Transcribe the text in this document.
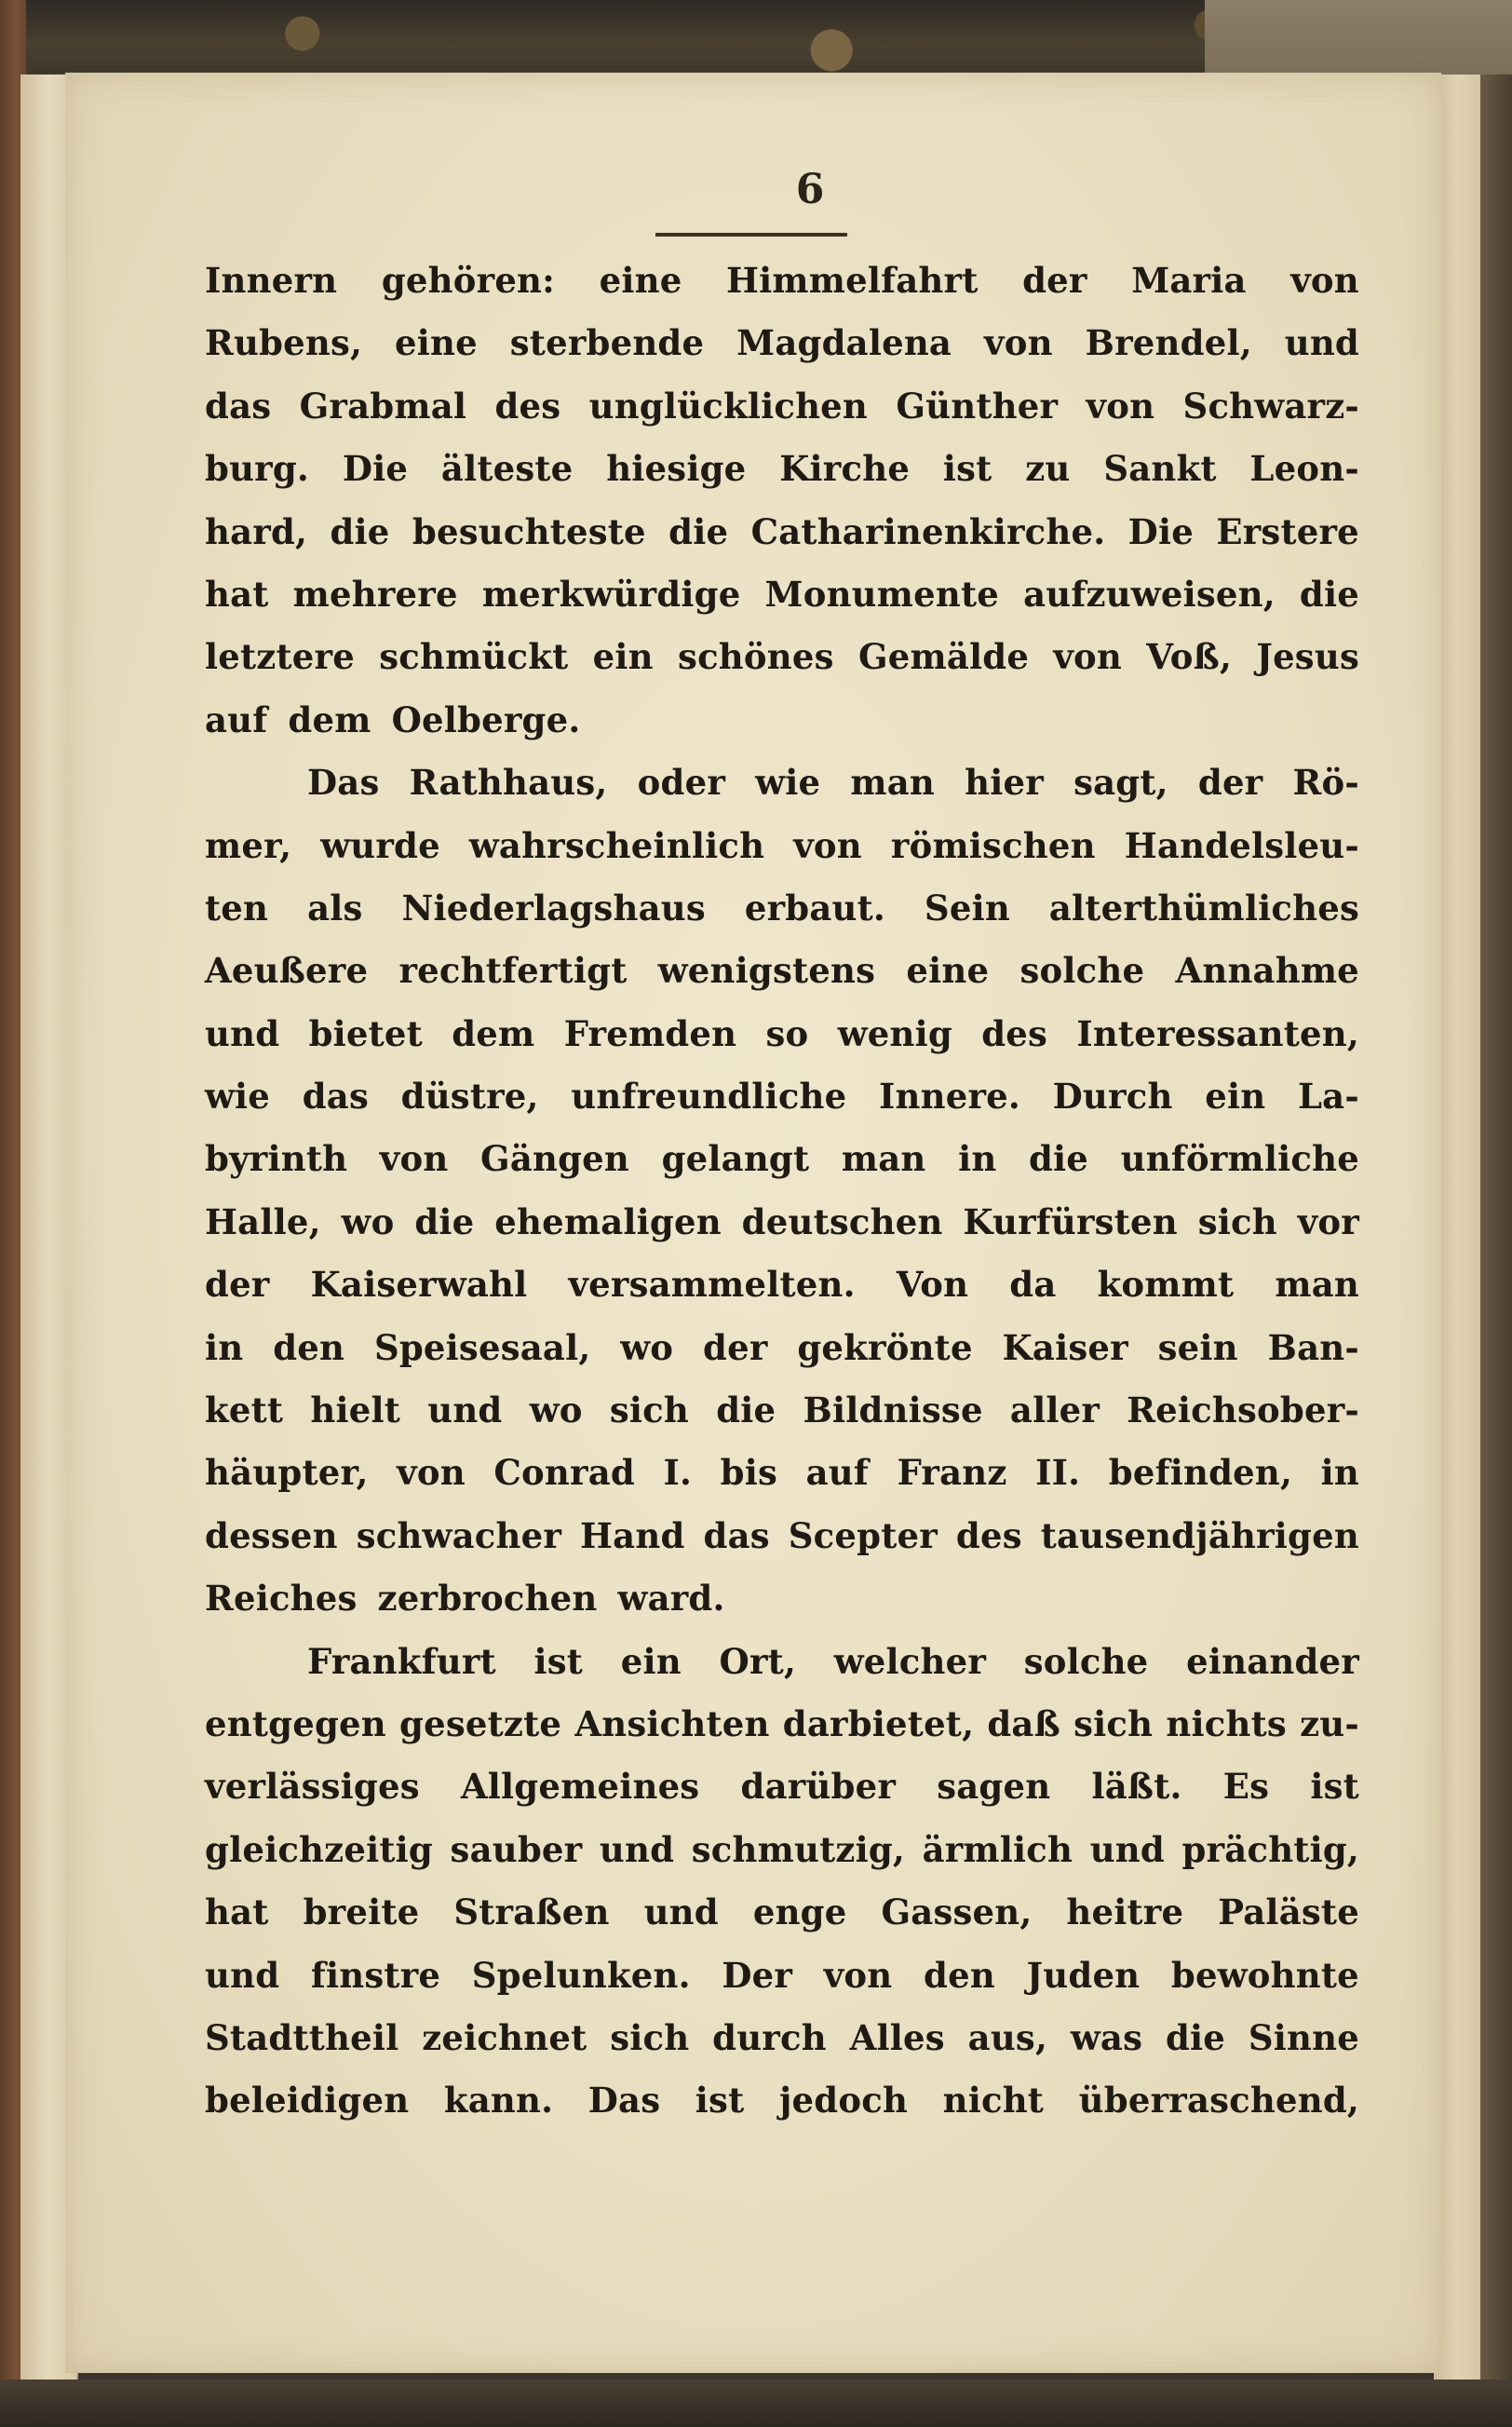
6
Innern gehören: eine Himmelfahrt der Maria von
Rubens, eine sterbende Magdalena von Brendel, und
das Grabmal des unglücklichen Günther von Schwarz-
burg. Die älteste hiesige Kirche ist zu Sankt Leon-
hard, die besuchteste die Catharinenkirche. Die Erstere
hat mehrere merkwürdige Monumente aufzuweisen, die
letztere schmückt ein schönes Gemälde von Voß, Jesus
auf dem Oelberge.
Das Rathhaus, oder wie man hier sagt, der Rö-
mer, wurde wahrscheinlich von römischen Handelsleu-
ten als Niederlagshaus erbaut. Sein alterthümliches
Aeußere rechtfertigt wenigstens eine solche Annahme
und bietet dem Fremden so wenig des Interessanten,
wie das düstre, unfreundliche Innere. Durch ein La-
byrinth von Gängen gelangt man in die unförmliche
Halle, wo die ehemaligen deutschen Kurfürsten sich vor
der Kaiserwahl versammelten. Von da kommt man
in den Speisesaal, wo der gekrönte Kaiser sein Ban-
kett hielt und wo sich die Bildnisse aller Reichsober-
häupter, von Conrad I. bis auf Franz II. befinden, in
dessen schwacher Hand das Scepter des tausendjährigen
Reiches zerbrochen ward.
Frankfurt ist ein Ort, welcher solche einander
entgegen gesetzte Ansichten darbietet, daß sich nichts zu-
verlässiges Allgemeines darüber sagen läßt. Es ist
gleichzeitig sauber und schmutzig, ärmlich und prächtig,
hat breite Straßen und enge Gassen, heitre Paläste
und finstre Spelunken. Der von den Juden bewohnte
Stadttheil zeichnet sich durch Alles aus, was die Sinne
beleidigen kann. Das ist jedoch nicht überraschend,
